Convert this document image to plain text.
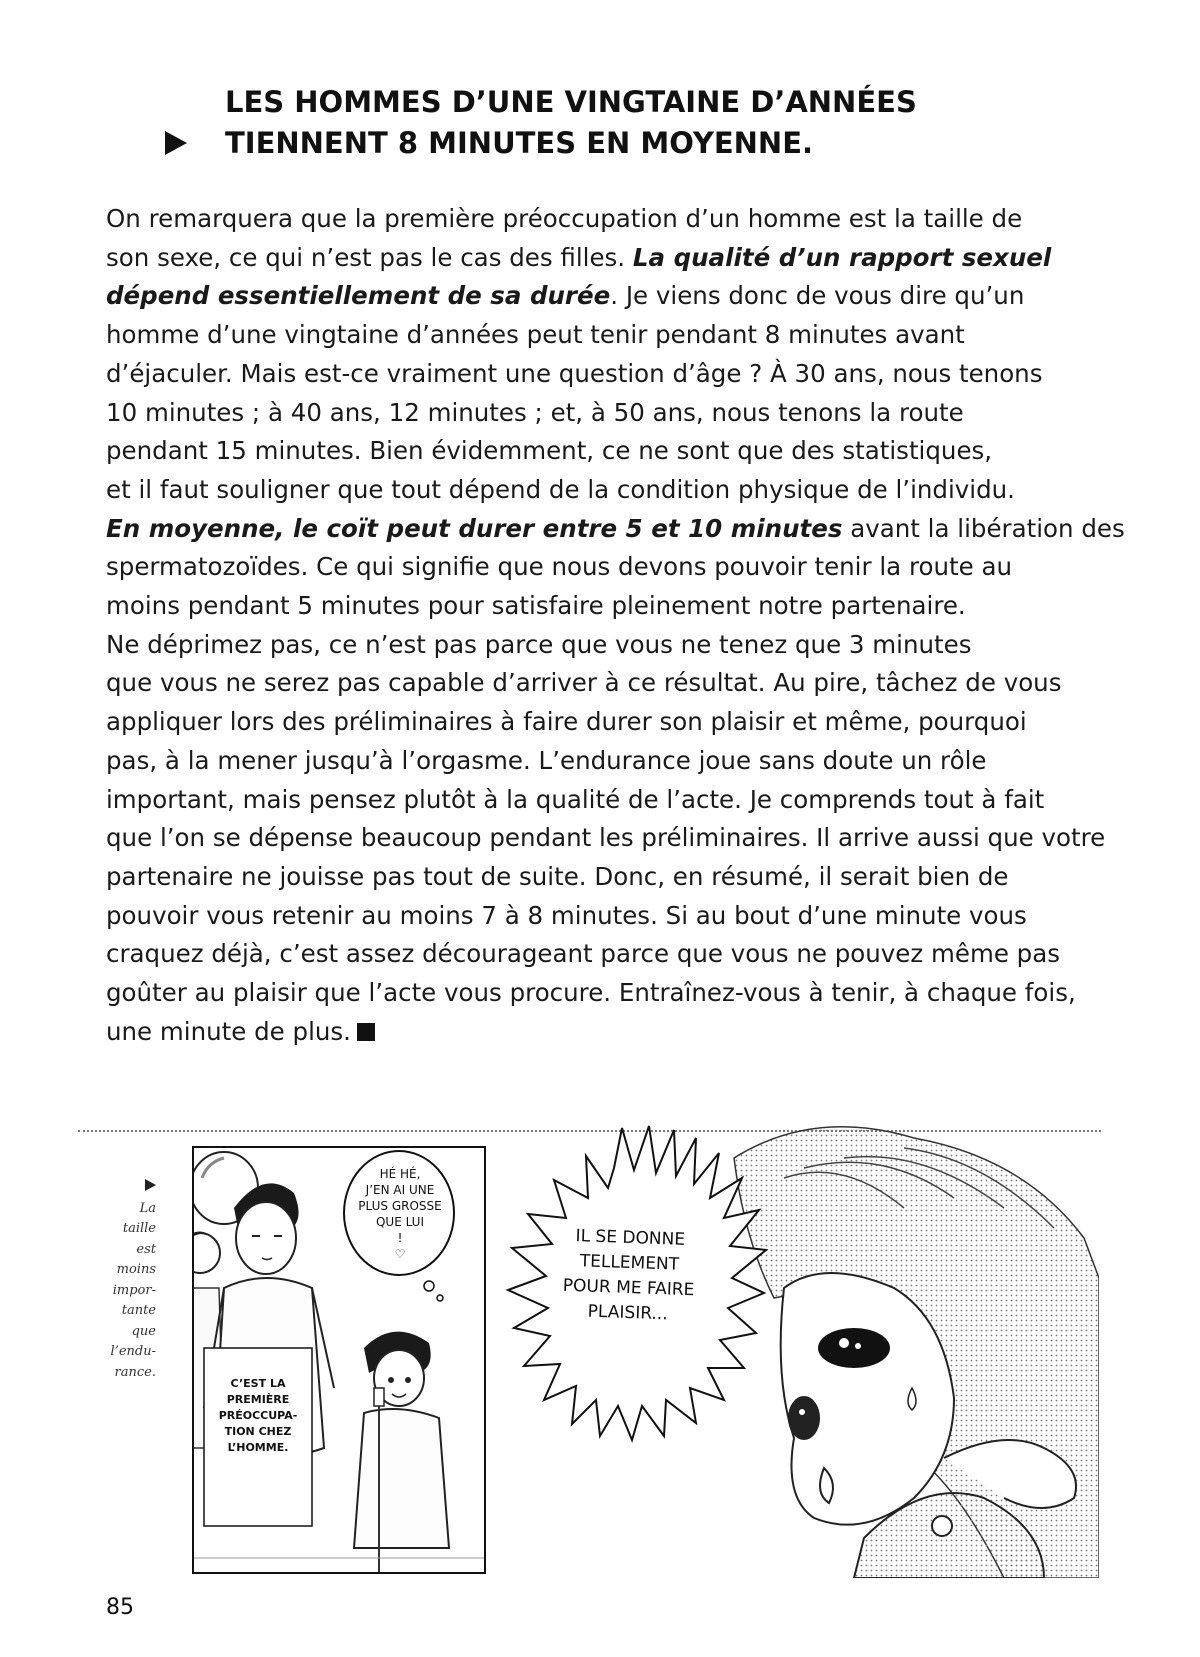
LES HOMMES D’UNE VINGTAINE D’ANNÉES
TIENNENT 8 MINUTES EN MOYENNE.
On remarquera que la première préoccupation d’un homme est la taille de
son sexe, ce qui n’est pas le cas des filles. La qualité d’un rapport sexuel
dépend essentiellement de sa durée. Je viens donc de vous dire qu’un
homme d’une vingtaine d’années peut tenir pendant 8 minutes avant
d’éjaculer. Mais est-ce vraiment une question d’âge ? À 30 ans, nous tenons
10 minutes ; à 40 ans, 12 minutes ; et, à 50 ans, nous tenons la route
pendant 15 minutes. Bien évidemment, ce ne sont que des statistiques,
et il faut souligner que tout dépend de la condition physique de l’individu.
En moyenne, le coït peut durer entre 5 et 10 minutes avant la libération des
spermatozoïdes. Ce qui signifie que nous devons pouvoir tenir la route au
moins pendant 5 minutes pour satisfaire pleinement notre partenaire.
Ne déprimez pas, ce n’est pas parce que vous ne tenez que 3 minutes
que vous ne serez pas capable d’arriver à ce résultat. Au pire, tâchez de vous
appliquer lors des préliminaires à faire durer son plaisir et même, pourquoi
pas, à la mener jusqu’à l’orgasme. L’endurance joue sans doute un rôle
important, mais pensez plutôt à la qualité de l’acte. Je comprends tout à fait
que l’on se dépense beaucoup pendant les préliminaires. Il arrive aussi que votre
partenaire ne jouisse pas tout de suite. Donc, en résumé, il serait bien de
pouvoir vous retenir au moins 7 à 8 minutes. Si au bout d’une minute vous
craquez déjà, c’est assez décourageant parce que vous ne pouvez même pas
goûter au plaisir que l’acte vous procure. Entraînez-vous à tenir, à chaque fois,
une minute de plus.

La
taille
est
moins
impor-
tante
que
l’endu-
rance.
HÉ HÉ,
J’EN AI UNE
PLUS GROSSE
QUE LUI
!
♡
C’EST LA
PREMIÈRE
PRÉOCCUPA-
TION CHEZ
L’HOMME.
IL SE DONNE
TELLEMENT
POUR ME FAIRE
PLAISIR...
85
